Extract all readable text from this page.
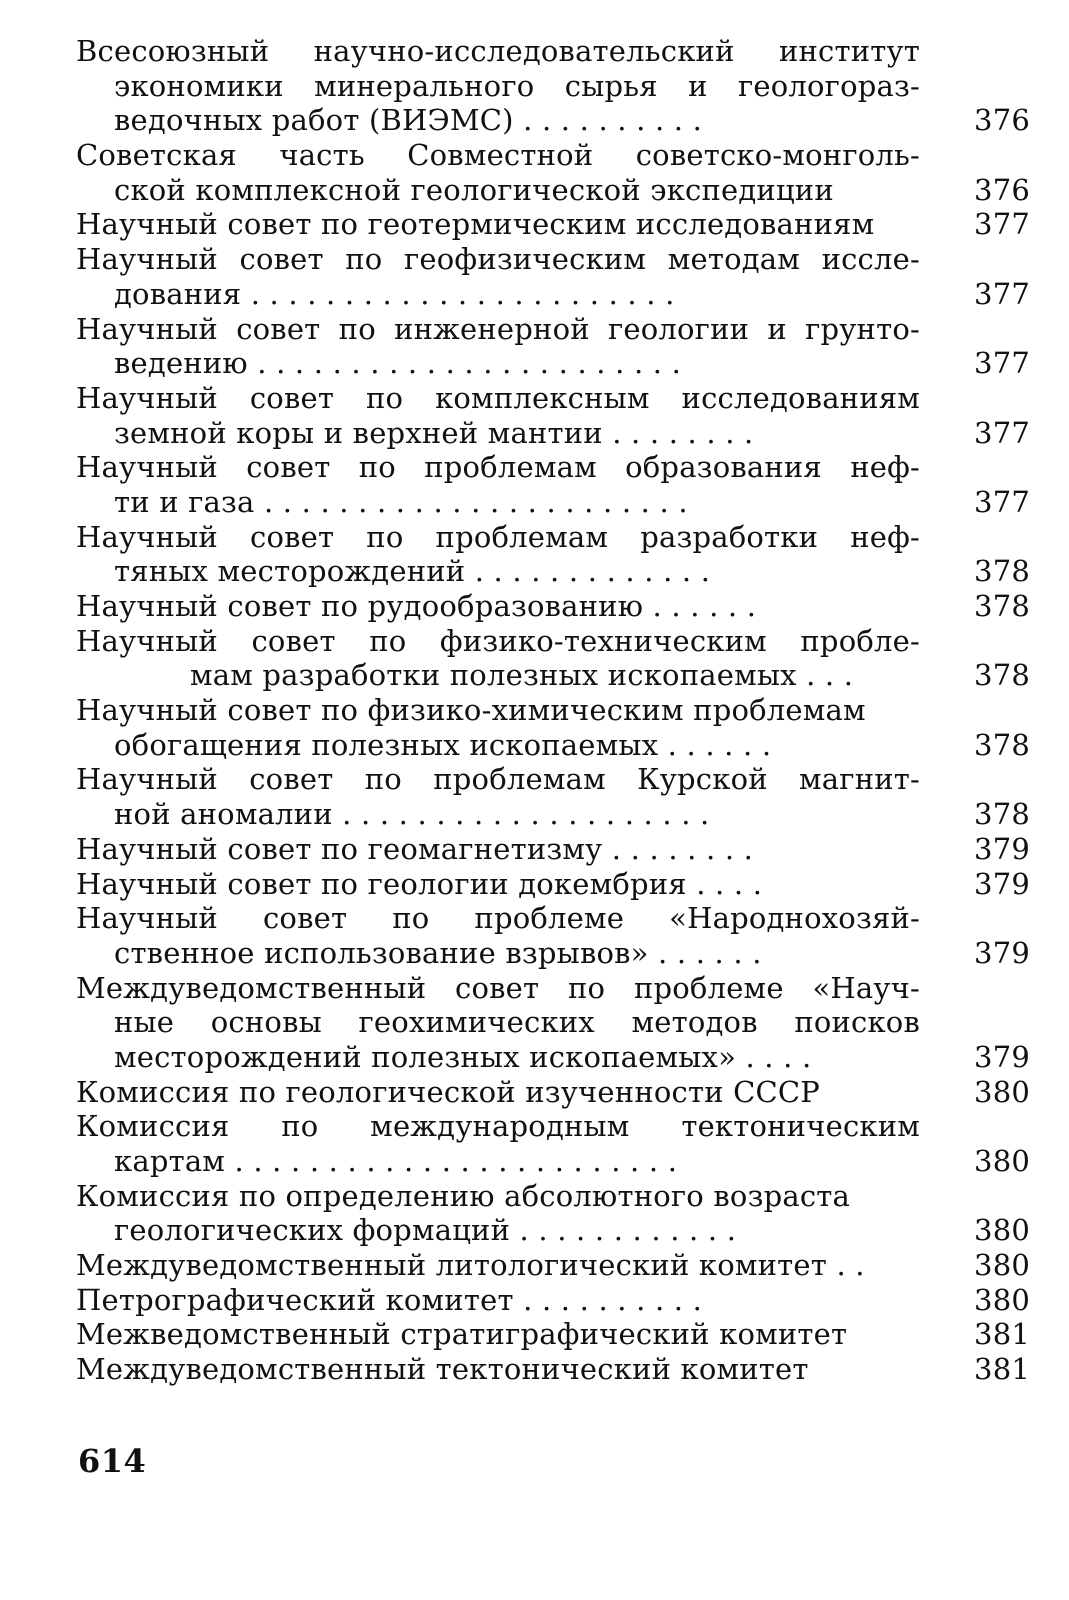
Всесоюзный научно-исследовательский институт
экономики минерального сырья и геологораз-
ведочных работ (ВИЭМС) . . . . . . . . . .	376
Советская часть Совместной советско-монголь-
ской комплексной геологической экспедиции	376
Научный совет по геотермическим исследованиям	377
Научный совет по геофизическим методам иссле-
дования . . . . . . . . . . . . . . . . . . . . . . .	377
Научный совет по инженерной геологии и грунто-
ведению . . . . . . . . . . . . . . . . . . . . . . .	377
Научный совет по комплексным исследованиям
земной коры и верхней мантии . . . . . . . .	377
Научный совет по проблемам образования неф-
ти и газа . . . . . . . . . . . . . . . . . . . . . . .	377
Научный совет по проблемам разработки неф-
тяных месторождений . . . . . . . . . . . . .	378
Научный совет по рудообразованию . . . . . .	378
Научный совет по физико-техническим пробле-
мам разработки полезных ископаемых . . .	378
Научный совет по физико-химическим проблемам
обогащения полезных ископаемых . . . . . .	378
Научный совет по проблемам Курской магнит-
ной аномалии . . . . . . . . . . . . . . . . . . . .	378
Научный совет по геомагнетизму . . . . . . . .	379
Научный совет по геологии докембрия . . . .	379
Научный совет по проблеме «Народнохозяй-
ственное использование взрывов» . . . . . .	379
Междуведомственный совет по проблеме «Науч-
ные основы геохимических методов поисков
месторождений полезных ископаемых» . . . .	379
Комиссия по геологической изученности СССР	380
Комиссия по международным тектоническим
картам . . . . . . . . . . . . . . . . . . . . . . . .	380
Комиссия по определению абсолютного возраста
геологических формаций . . . . . . . . . . . .	380
Междуведомственный литологический комитет . .	380
Петрографический комитет . . . . . . . . . .	380
Межведомственный стратиграфический комитет	381
Междуведомственный тектонический комитет	381
614
